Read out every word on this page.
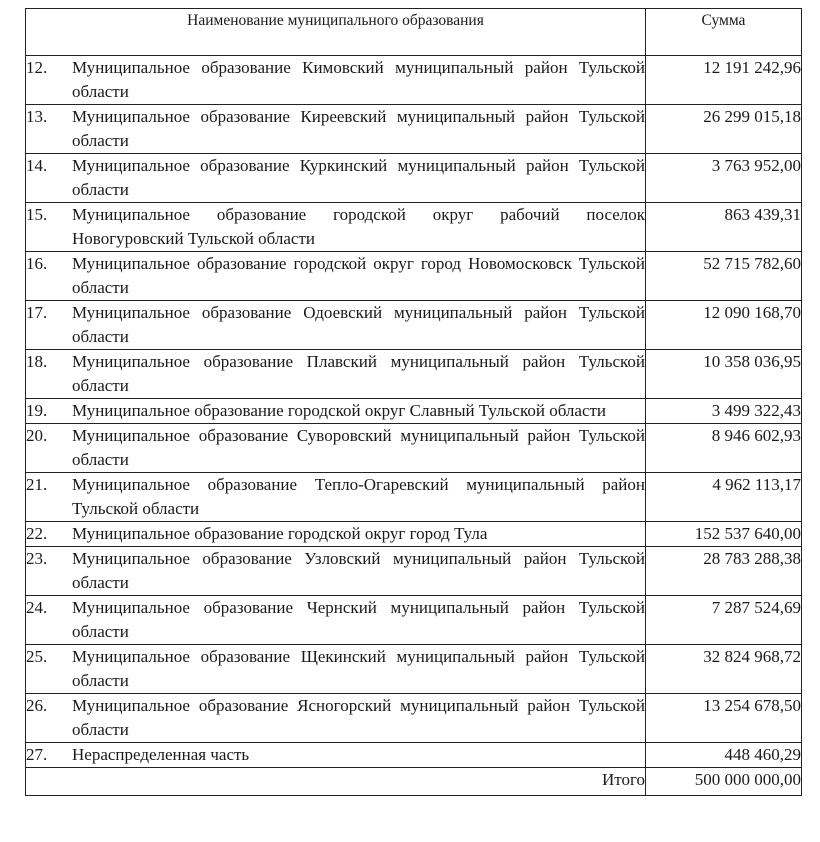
Наименование муниципального образования	Сумма

12. Муниципальное образование Кимовский муниципальный район Тульской области	12 191 242,96

13. Муниципальное образование Киреевский муниципальный район Тульской области	26 299 015,18

14. Муниципальное образование Куркинский муниципальный район Тульской области	3 763 952,00

15. Муниципальное образование городской округ рабочий поселок Новогуровский Тульской области	863 439,31

16. Муниципальное образование городской округ город Новомосковск Тульской области	52 715 782,60

17. Муниципальное образование Одоевский муниципальный район Тульской области	12 090 168,70

18. Муниципальное образование Плавский муниципальный район Тульской области	10 358 036,95

19. Муниципальное образование городской округ Славный Тульской области	3 499 322,43

20. Муниципальное образование Суворовский муниципальный район Тульской области	8 946 602,93

21. Муниципальное образование Тепло-Огаревский муниципальный район Тульской области	4 962 113,17

22. Муниципальное образование городской округ город Тула	152 537 640,00

23. Муниципальное образование Узловский муниципальный район Тульской области	28 783 288,38

24. Муниципальное образование Чернский муниципальный район Тульской области	7 287 524,69

25. Муниципальное образование Щекинский муниципальный район Тульской области	32 824 968,72

26. Муниципальное образование Ясногорский муниципальный район Тульской области	13 254 678,50

27. Нераспределенная часть	448 460,29
Итого	500 000 000,00
